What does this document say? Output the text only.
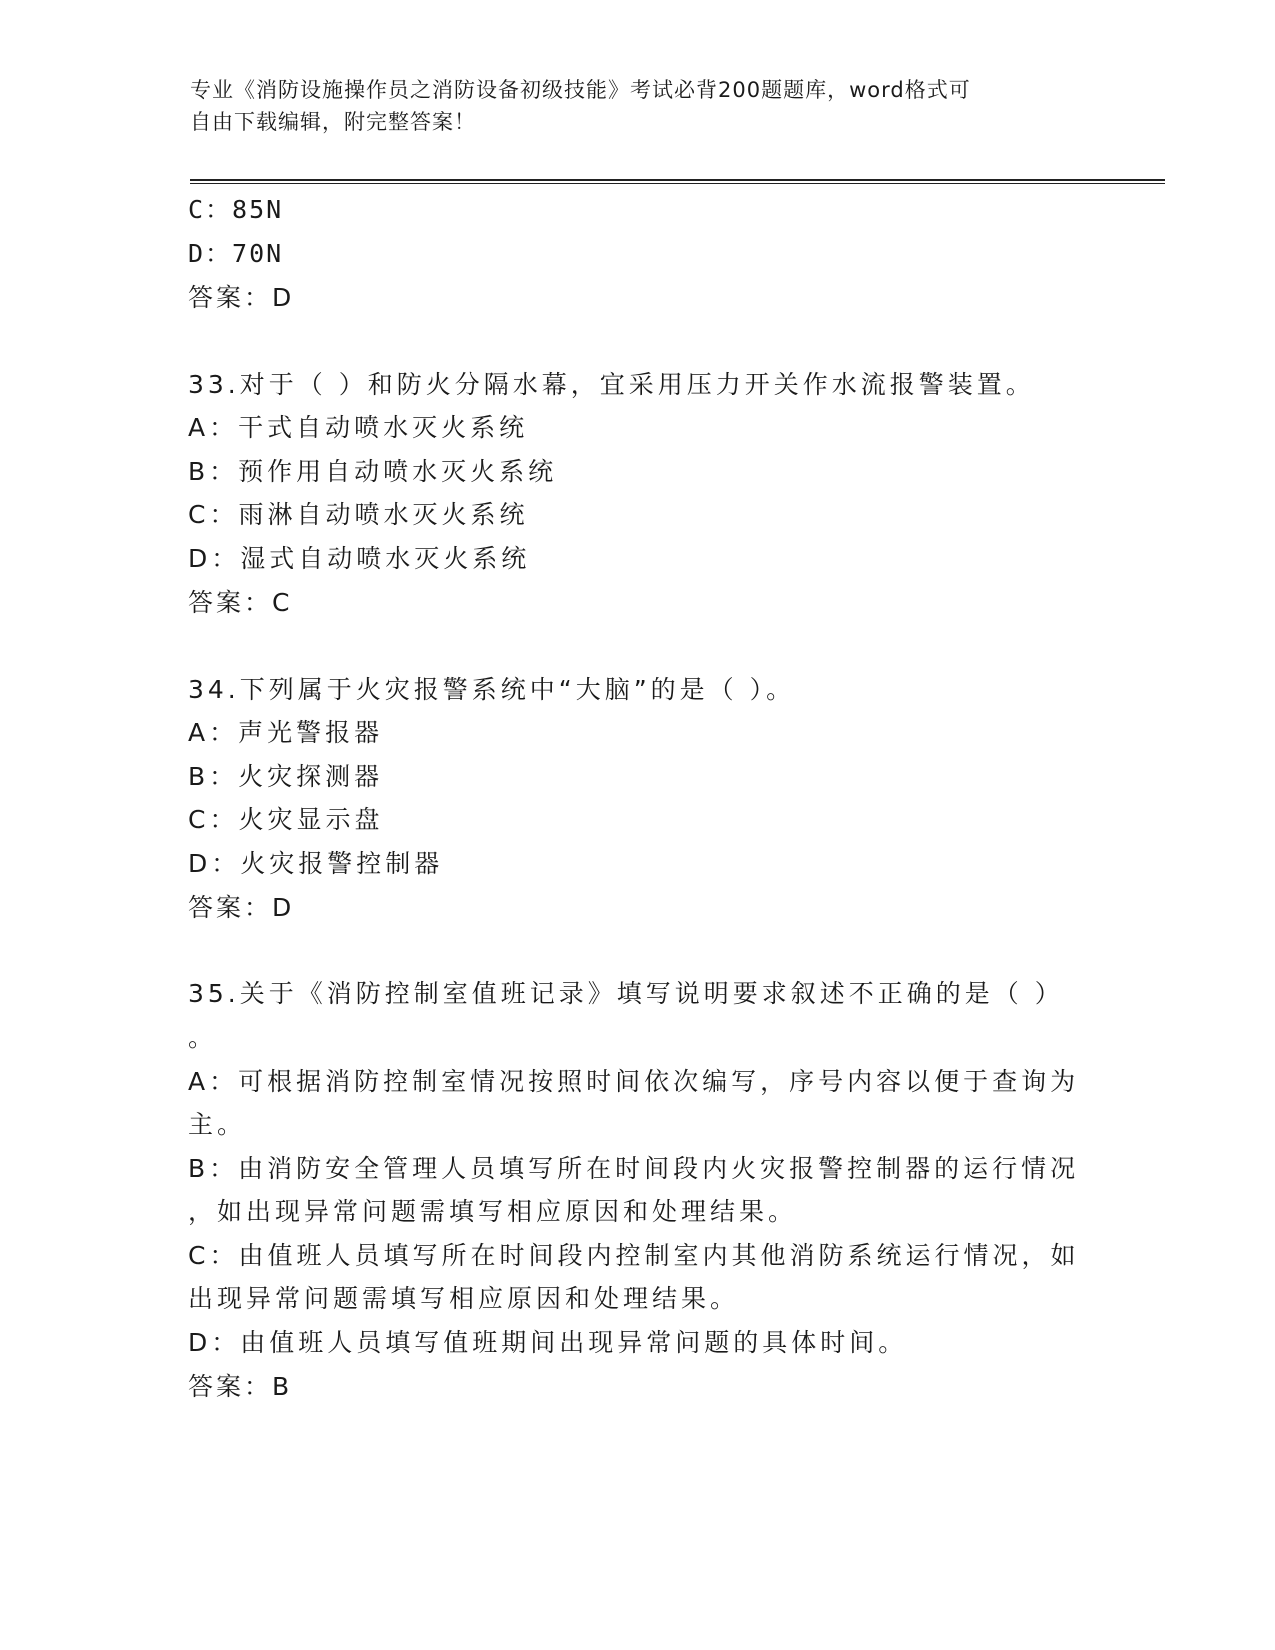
专业《消防设施操作员之消防设备初级技能》考试必背200题题库，word格式可
自由下载编辑，附完整答案！
C：85N
D：70N
答案：D
33.对于（ ）和防火分隔水幕，宜采用压力开关作水流报警装置。
A：干式自动喷水灭火系统
B：预作用自动喷水灭火系统
C：雨淋自动喷水灭火系统
D：湿式自动喷水灭火系统
答案：C
34.下列属于火灾报警系统中“大脑”的是（ ）。
A：声光警报器
B：火灾探测器
C：火灾显示盘
D：火灾报警控制器
答案：D
35.关于《消防控制室值班记录》填写说明要求叙述不正确的是（ ）
。
A：可根据消防控制室情况按照时间依次编写，序号内容以便于查询为
主。
B：由消防安全管理人员填写所在时间段内火灾报警控制器的运行情况
，如出现异常问题需填写相应原因和处理结果。
C：由值班人员填写所在时间段内控制室内其他消防系统运行情况，如
出现异常问题需填写相应原因和处理结果。
D：由值班人员填写值班期间出现异常问题的具体时间。
答案：B
